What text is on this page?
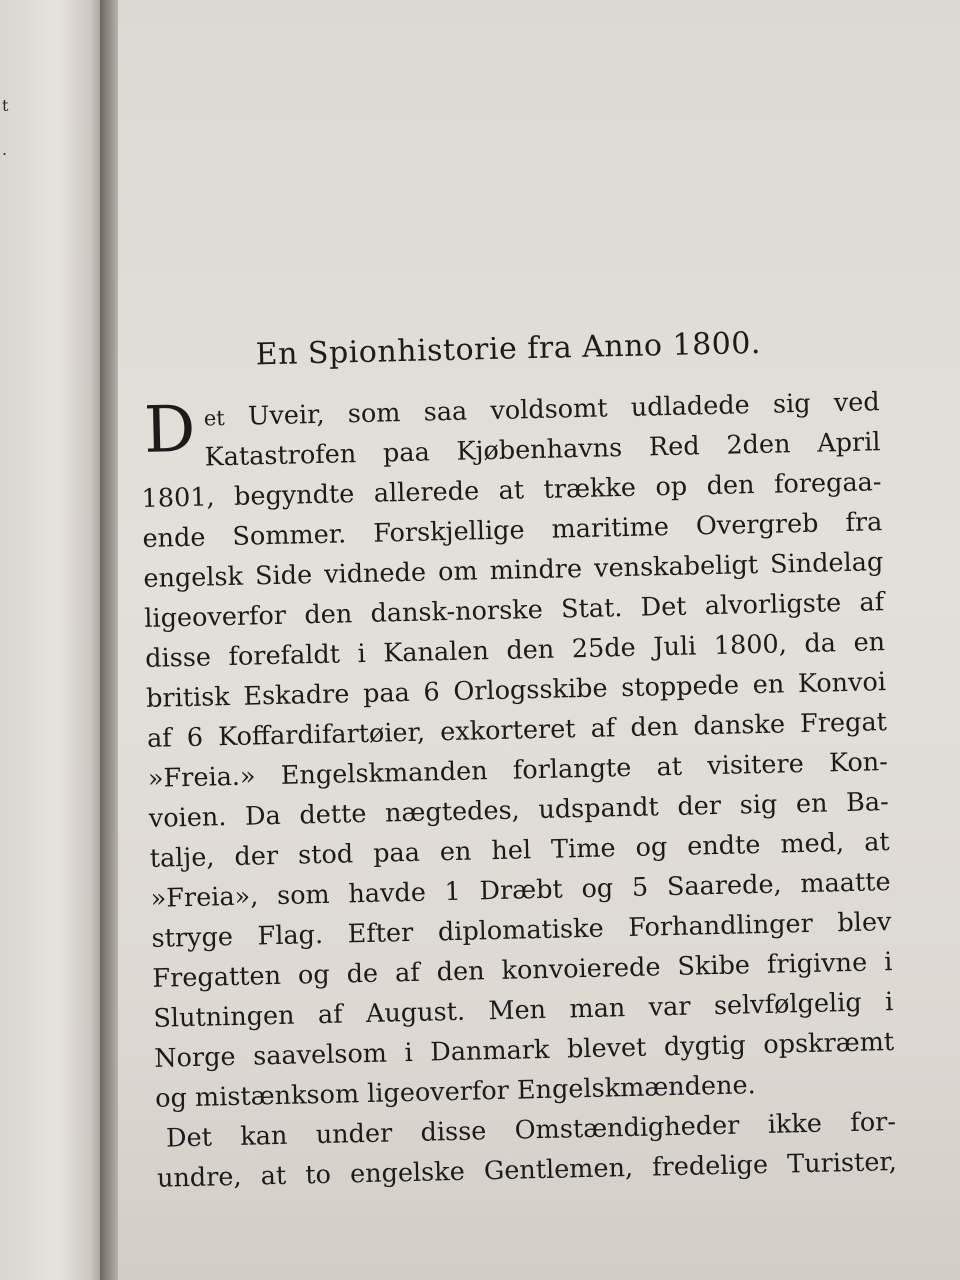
t
.
En Spionhistorie fra Anno 1800.
D et Uveir, som saa voldsomt udladede sig ved
Katastrofen paa Kjøbenhavns Red 2den April
1801, begyndte allerede at trække op den foregaa-
ende Sommer. Forskjellige maritime Overgreb fra
engelsk Side vidnede om mindre venskabeligt Sindelag
ligeoverfor den dansk-norske Stat. Det alvorligste af
disse forefaldt i Kanalen den 25de Juli 1800, da en
britisk Eskadre paa 6 Orlogsskibe stoppede en Konvoi
af 6 Koffardifartøier, exkorteret af den danske Fregat
»Freia.» Engelskmanden forlangte at visitere Kon-
voien. Da dette nægtedes, udspandt der sig en Ba-
talje, der stod paa en hel Time og endte med, at
»Freia», som havde 1 Dræbt og 5 Saarede, maatte
stryge Flag. Efter diplomatiske Forhandlinger blev
Fregatten og de af den konvoierede Skibe frigivne i
Slutningen af August. Men man var selvfølgelig i
Norge saavelsom i Danmark blevet dygtig opskræmt
og mistænksom ligeoverfor Engelskmændene.
Det kan under disse Omstændigheder ikke for-
undre, at to engelske Gentlemen, fredelige Turister,
